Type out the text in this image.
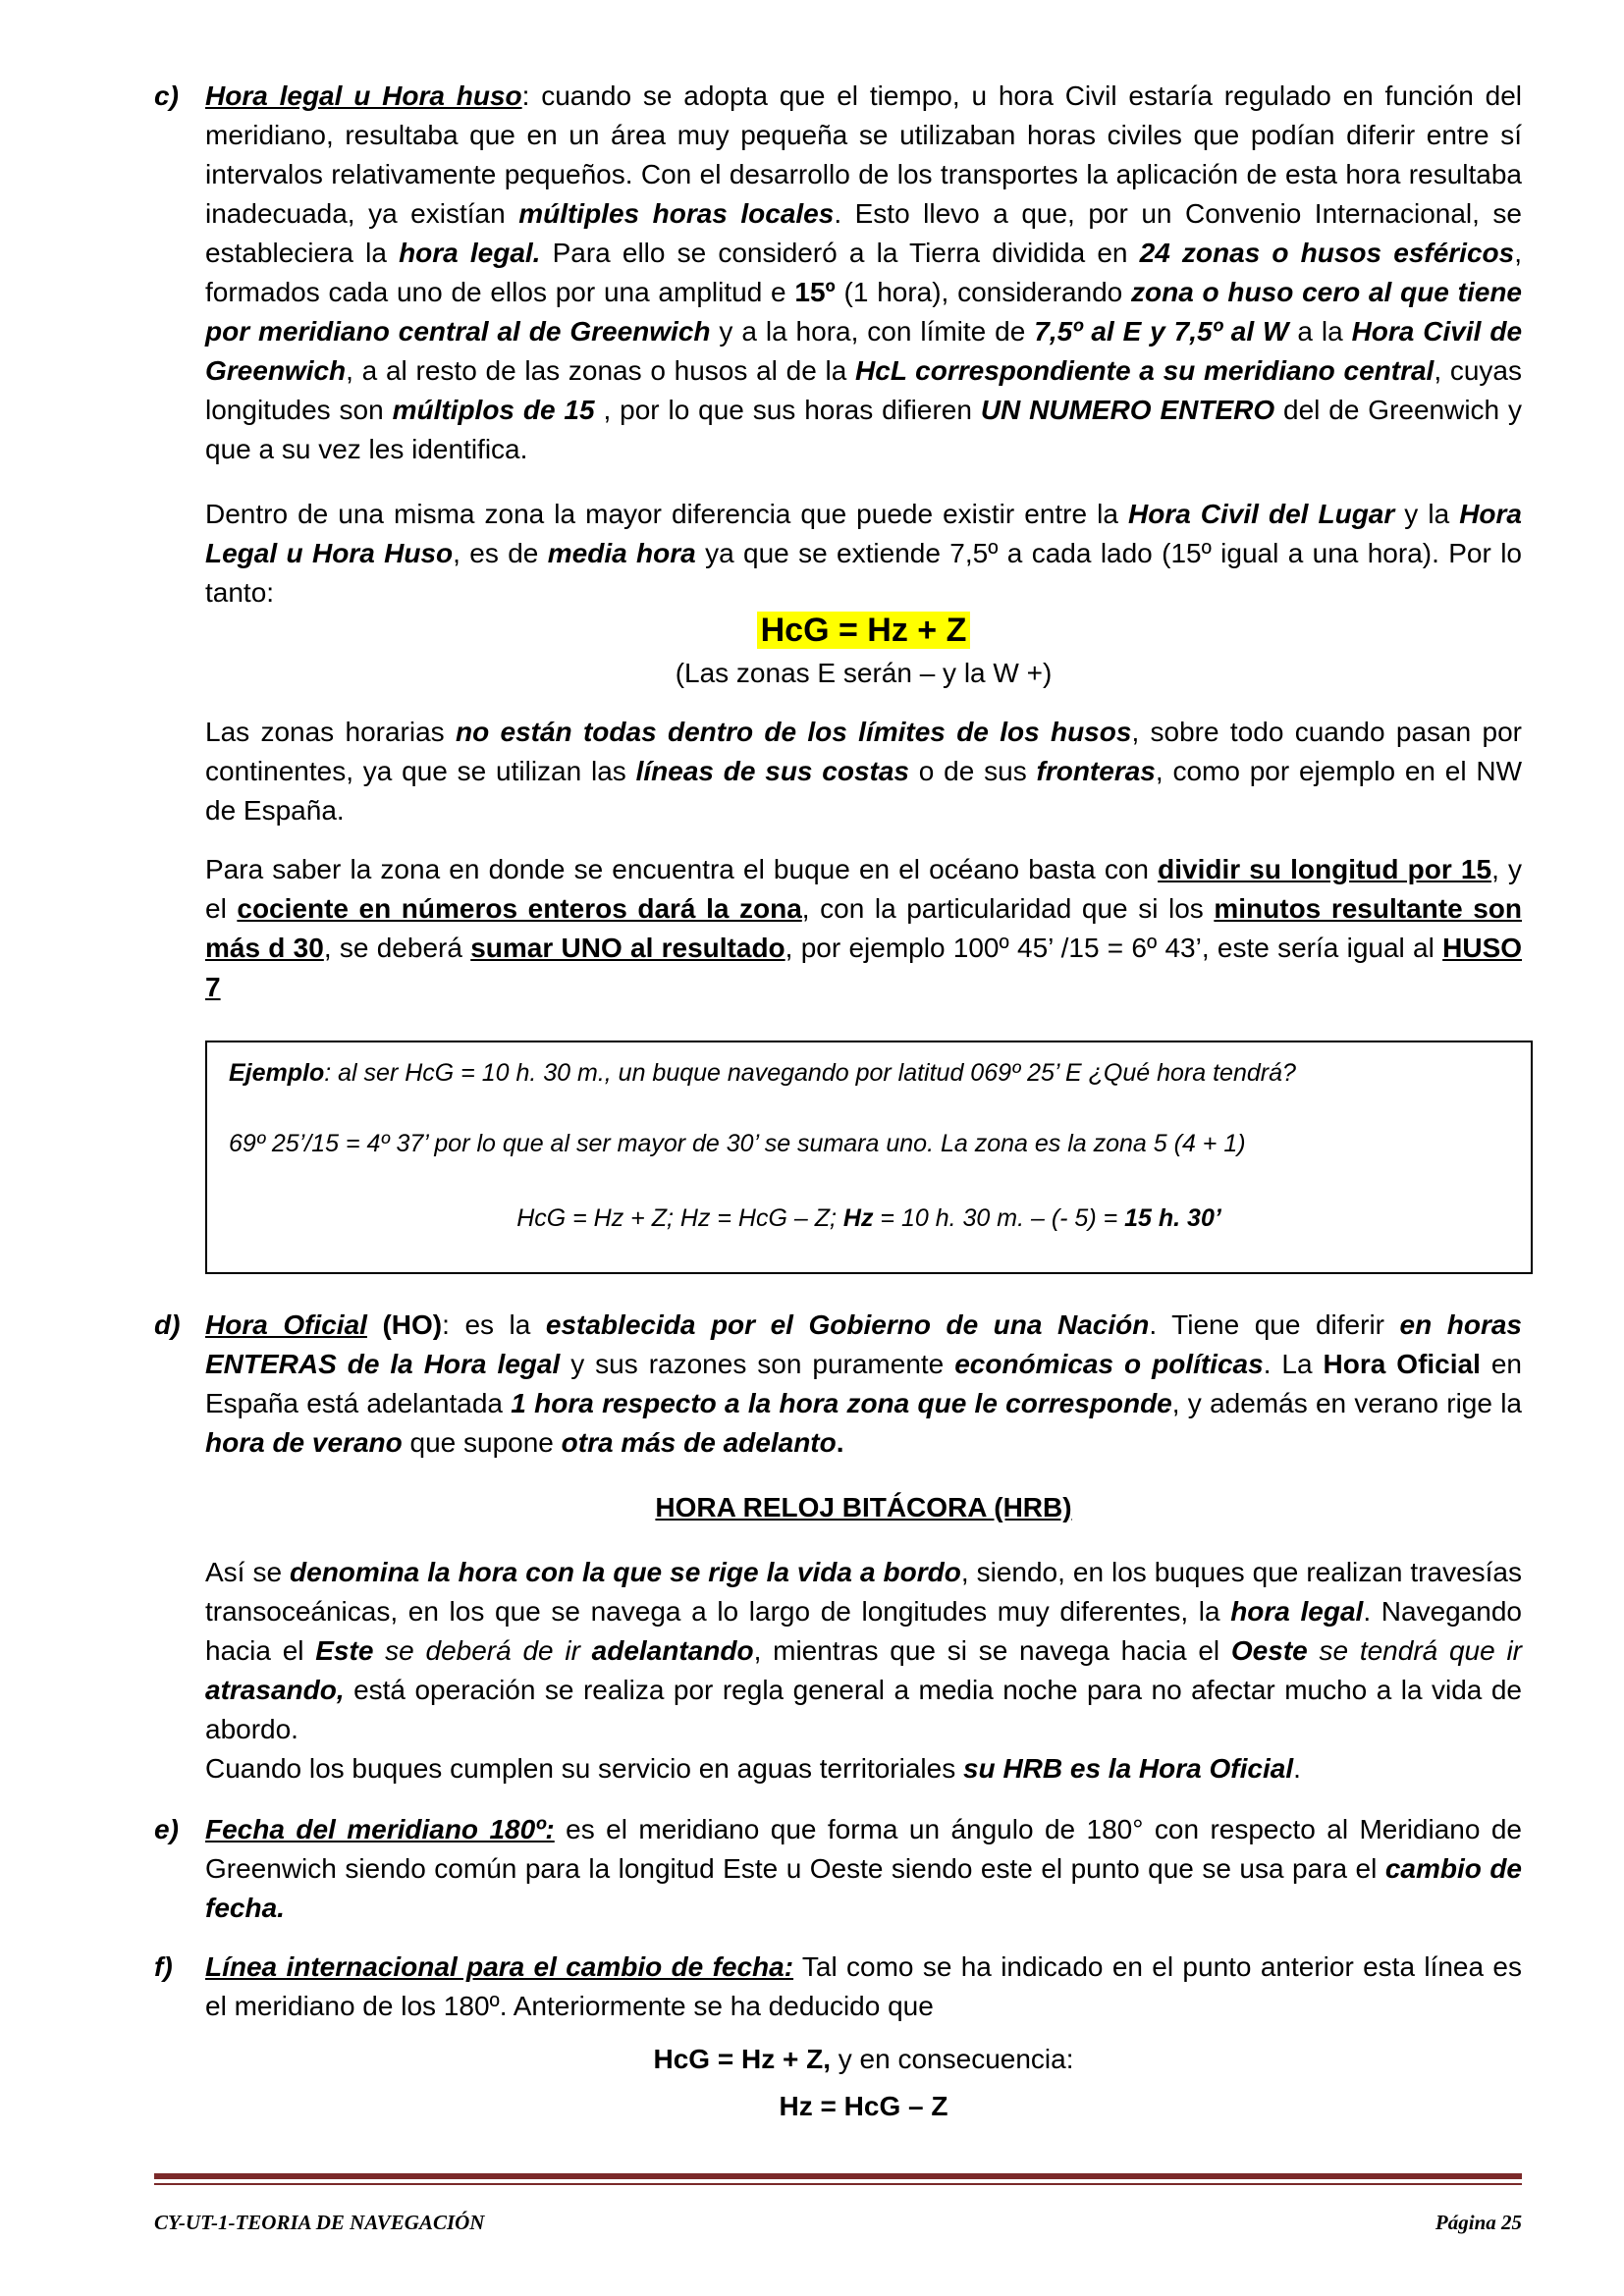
c) Hora legal u Hora huso: cuando se adopta que el tiempo, u hora Civil estaría regulado en función del meridiano, resultaba que en un área muy pequeña se utilizaban horas civiles que podían diferir entre sí intervalos relativamente pequeños. Con el desarrollo de los transportes la aplicación de esta hora resultaba inadecuada, ya existían múltiples horas locales. Esto llevo a que, por un Convenio Internacional, se estableciera la hora legal. Para ello se consideró a la Tierra dividida en 24 zonas o husos esféricos, formados cada uno de ellos por una amplitud e 15º (1 hora), considerando zona o huso cero al que tiene por meridiano central al de Greenwich y a la hora, con límite de 7,5º al E y 7,5º al W a la Hora Civil de Greenwich, a al resto de las zonas o husos al de la HcL correspondiente a su meridiano central, cuyas longitudes son múltiplos de 15 , por lo que sus horas difieren UN NUMERO ENTERO del de Greenwich y que a su vez les identifica.

Dentro de una misma zona la mayor diferencia que puede existir entre la Hora Civil del Lugar y la Hora Legal u Hora Huso, es de media hora ya que se extiende 7,5º a cada lado (15º igual a una hora). Por lo tanto:

HcG = Hz + Z
(Las zonas E serán – y la W +)

Las zonas horarias no están todas dentro de los límites de los husos, sobre todo cuando pasan por continentes, ya que se utilizan las líneas de sus costas o de sus fronteras, como por ejemplo en el NW de España.

Para saber la zona en donde se encuentra el buque en el océano basta con dividir su longitud por 15, y el cociente en números enteros dará la zona, con la particularidad que si los minutos resultante son más d 30, se deberá sumar UNO al resultado, por ejemplo 100º 45’ /15 = 6º 43’, este sería igual al HUSO 7

Ejemplo: al ser HcG = 10 h. 30 m., un buque navegando por latitud 069º 25’ E ¿Qué hora tendrá?

69º 25’/15 = 4º 37’ por lo que al ser mayor de 30’ se sumara uno. La zona es la zona 5 (4 + 1)

HcG = Hz + Z; Hz = HcG – Z; Hz = 10 h. 30 m. – (- 5) = 15 h. 30’

d) Hora Oficial (HO): es la establecida por el Gobierno de una Nación. Tiene que diferir en horas ENTERAS de la Hora legal y sus razones son puramente económicas o políticas. La Hora Oficial en España está adelantada 1 hora respecto a la hora zona que le corresponde, y además en verano rige la hora de verano que supone otra más de adelanto.

HORA RELOJ BITÁCORA (HRB)

Así se denomina la hora con la que se rige la vida a bordo, siendo, en los buques que realizan travesías transoceánicas, en los que se navega a lo largo de longitudes muy diferentes, la hora legal. Navegando hacia el Este se deberá de ir adelantando, mientras que si se navega hacia el Oeste se tendrá que ir atrasando, está operación se realiza por regla general a media noche para no afectar mucho a la vida de abordo.

Cuando los buques cumplen su servicio en aguas territoriales su HRB es la Hora Oficial.

e) Fecha del meridiano 180º: es el meridiano que forma un ángulo de 180° con respecto al Meridiano de Greenwich siendo común para la longitud Este u Oeste siendo este el punto que se usa para el cambio de fecha.

f) Línea internacional para el cambio de fecha: Tal como se ha indicado en el punto anterior esta línea es el meridiano de los 180º. Anteriormente se ha deducido que

HcG = Hz + Z, y en consecuencia:
Hz = HcG – Z
CY-UT-1-TEORIA DE NAVEGACIÓN	Página 25
